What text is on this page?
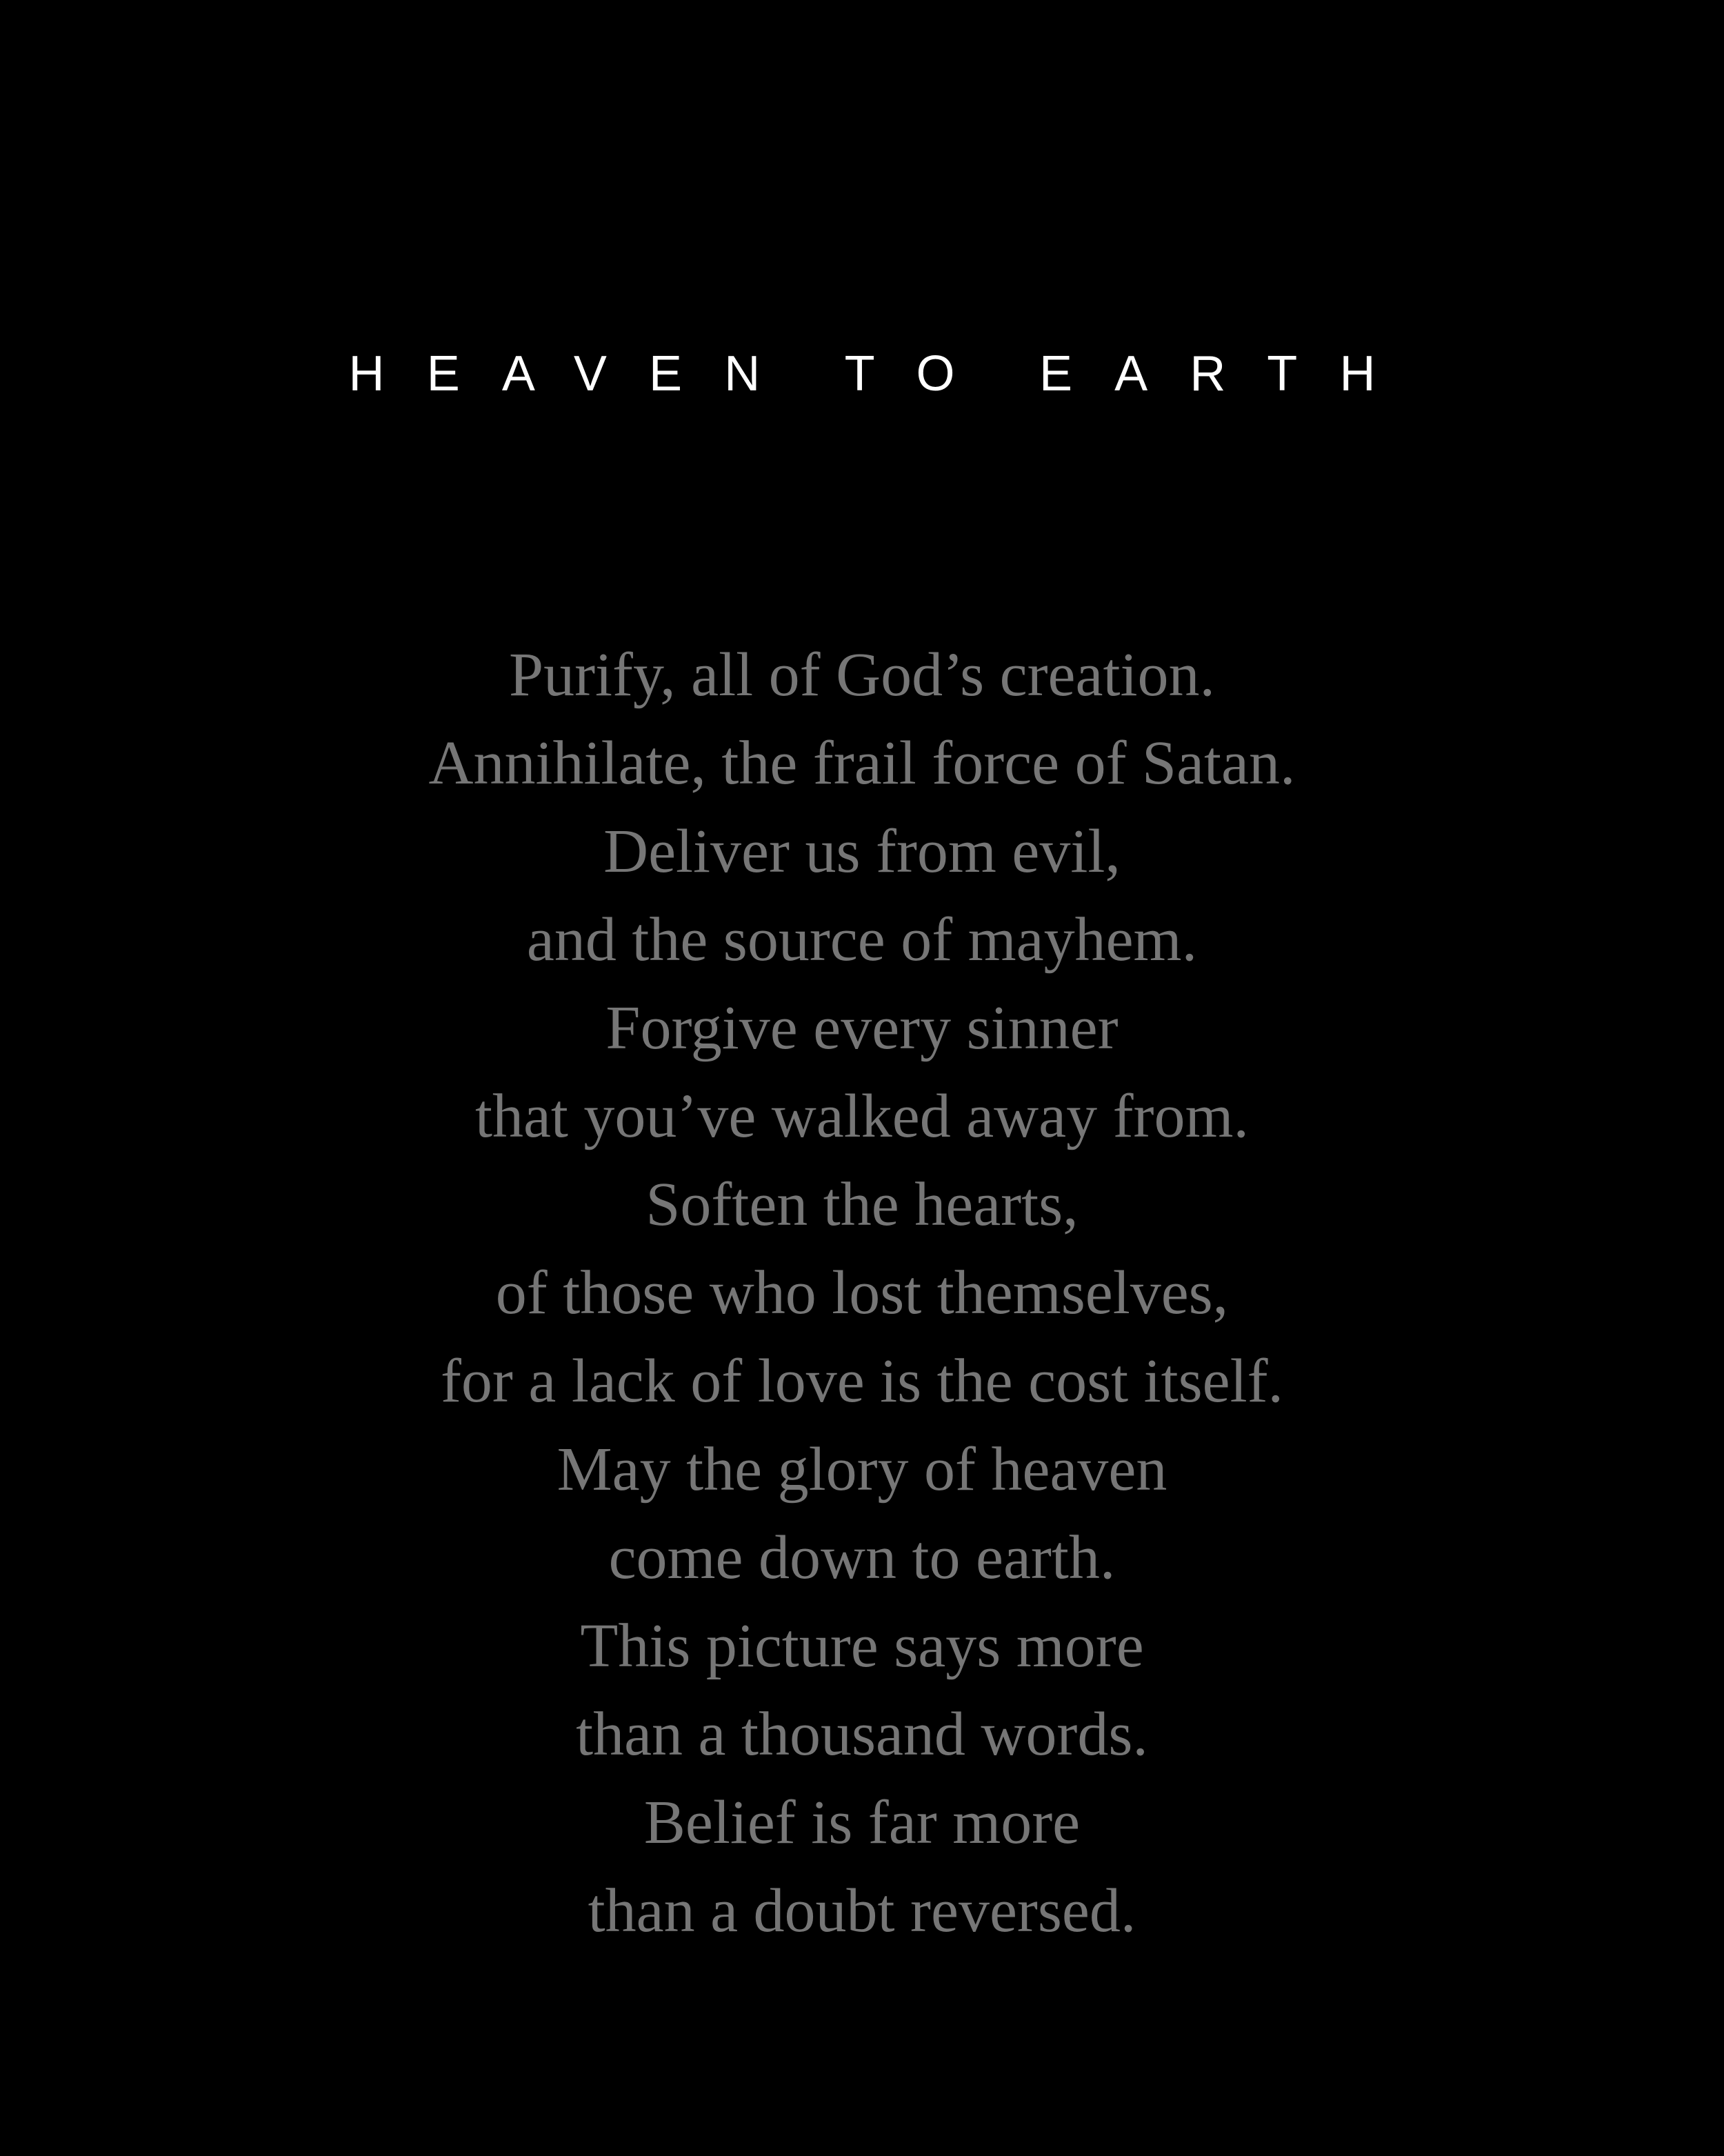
HEAVEN TO EARTH
Purify, all of God’s creation.
Annihilate, the frail force of Satan.
Deliver us from evil,
and the source of mayhem.
Forgive every sinner
that you’ve walked away from.
Soften the hearts,
of those who lost themselves,
for a lack of love is the cost itself.
May the glory of heaven
come down to earth.
This picture says more
than a thousand words.
Belief is far more
than a doubt reversed.
